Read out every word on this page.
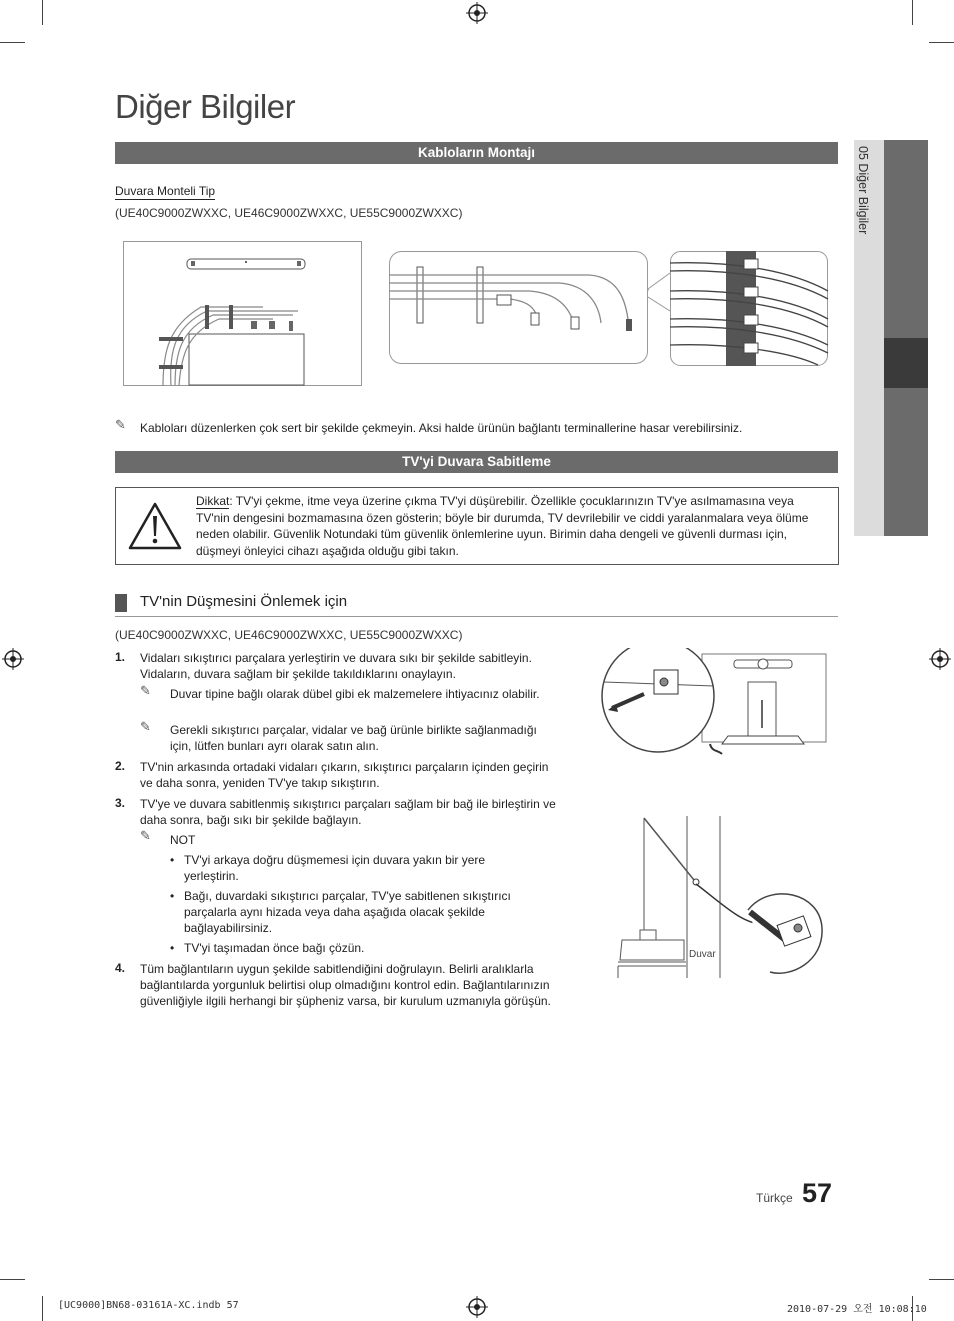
Diğer Bilgiler
05 Diğer Bilgiler
Kabloların Montajı
Duvara Monteli Tip
(UE40C9000ZWXXC, UE46C9000ZWXXC, UE55C9000ZWXXC)
✎ Kabloları düzenlerken çok sert bir şekilde çekmeyin. Aksi halde ürünün bağlantı terminallerine hasar verebilirsiniz.
TV'yi Duvara Sabitleme
Dikkat: TV'yi çekme, itme veya üzerine çıkma TV'yi düşürebilir. Özellikle çocuklarınızın TV'ye asılmamasına veya TV'nin dengesini bozmamasına özen gösterin; böyle bir durumda, TV devrilebilir ve ciddi yaralanmalara veya ölüme neden olabilir. Güvenlik Notundaki tüm güvenlik önlemlerine uyun. Birimin daha dengeli ve güvenli durması için, düşmeyi önleyici cihazı aşağıda olduğu gibi takın.
TV'nin Düşmesini Önlemek için
(UE40C9000ZWXXC, UE46C9000ZWXXC, UE55C9000ZWXXC)
1. Vidaları sıkıştırıcı parçalara yerleştirin ve duvara sıkı bir şekilde sabitleyin. Vidaların, duvara sağlam bir şekilde takıldıklarını onaylayın.
✎ Duvar tipine bağlı olarak dübel gibi ek malzemelere ihtiyacınız olabilir.
✎ Gerekli sıkıştırıcı parçalar, vidalar ve bağ ürünle birlikte sağlanmadığı için, lütfen bunları ayrı olarak satın alın.
2. TV'nin arkasında ortadaki vidaları çıkarın, sıkıştırıcı parçaların içinden geçirin ve daha sonra, yeniden TV'ye takıp sıkıştırın.
3. TV'ye ve duvara sabitlenmiş sıkıştırıcı parçaları sağlam bir bağ ile birleştirin ve daha sonra, bağı sıkı bir şekilde bağlayın.
✎ NOT
• TV'yi arkaya doğru düşmemesi için duvara yakın bir yere yerleştirin.
• Bağı, duvardaki sıkıştırıcı parçalar, TV'ye sabitlenen sıkıştırıcı parçalarla aynı hizada veya daha aşağıda olacak şekilde bağlayabilirsiniz.
• TV'yi taşımadan önce bağı çözün.
4. Tüm bağlantıların uygun şekilde sabitlendiğini doğrulayın. Belirli aralıklarla bağlantılarda yorgunluk belirtisi olup olmadığını kontrol edin. Bağlantılarınızın güvenliğiyle ilgili herhangi bir şüpheniz varsa, bir kurulum uzmanıyla görüşün.
Duvar
Türkçe 57
[UC9000]BN68-03161A-XC.indb 57	2010-07-29 오전 10:08:10
